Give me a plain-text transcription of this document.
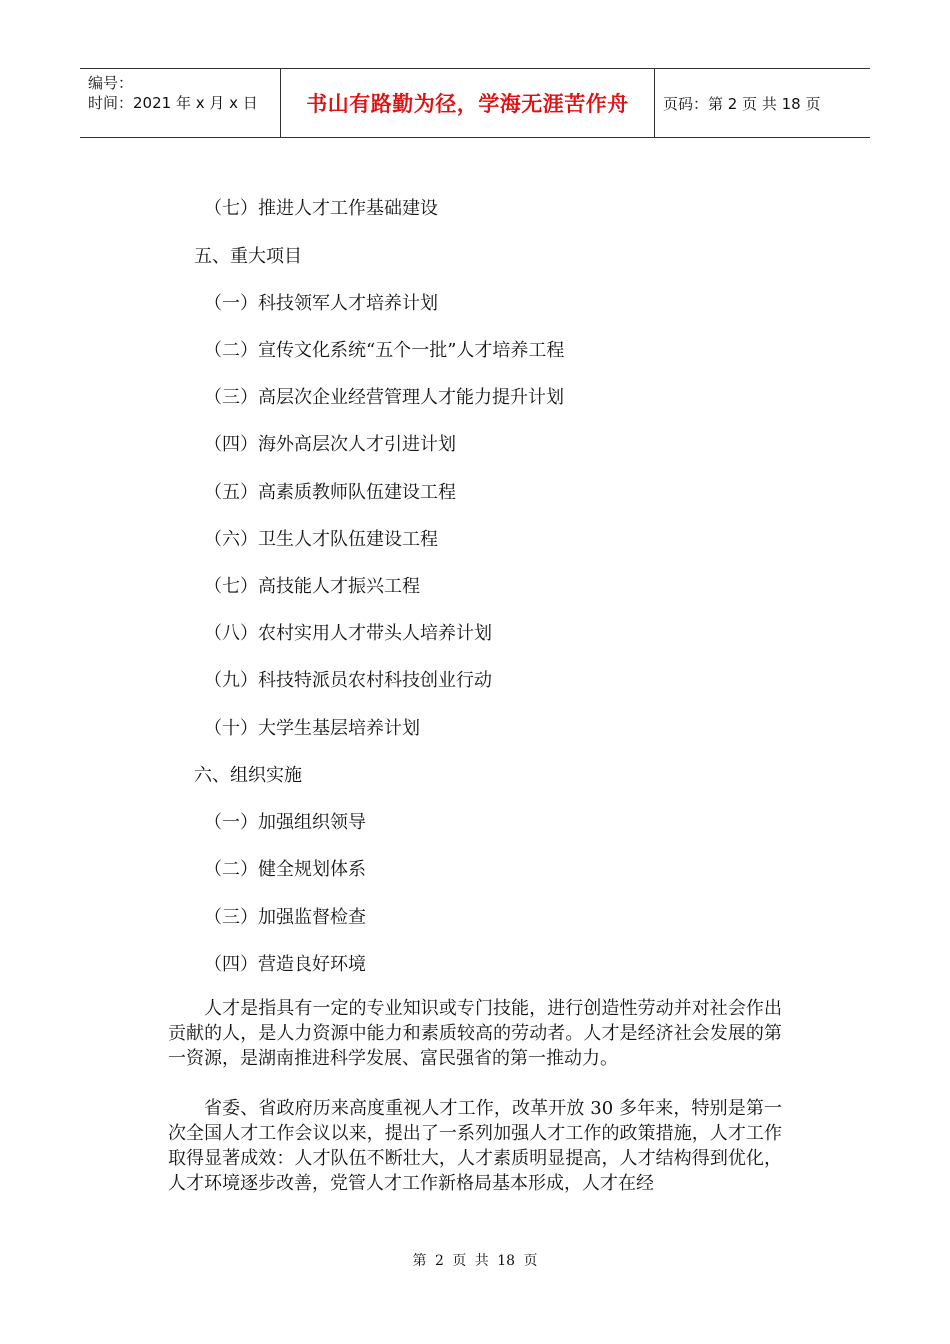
编号：
时间：2021 年 x 月 x 日	书山有路勤为径，学海无涯苦作舟	页码：第 2 页 共 18 页
（七）推进人才工作基础建设
五、重大项目
（一）科技领军人才培养计划
（二）宣传文化系统“五个一批”人才培养工程
（三）高层次企业经营管理人才能力提升计划
（四）海外高层次人才引进计划
（五）高素质教师队伍建设工程
（六）卫生人才队伍建设工程
（七）高技能人才振兴工程
（八）农村实用人才带头人培养计划
（九）科技特派员农村科技创业行动
（十）大学生基层培养计划
六、组织实施
（一）加强组织领导
（二）健全规划体系
（三）加强监督检查
（四）营造良好环境
人才是指具有一定的专业知识或专门技能，进行创造性劳动并对社会作出贡献的人，是人力资源中能力和素质较高的劳动者。人才是经济社会发展的第一资源，是湖南推进科学发展、富民强省的第一推动力。
省委、省政府历来高度重视人才工作，改革开放 30 多年来，特别是第一次全国人才工作会议以来，提出了一系列加强人才工作的政策措施，人才工作取得显著成效：人才队伍不断壮大，人才素质明显提高，人才结构得到优化，人才环境逐步改善，党管人才工作新格局基本形成，人才在经
第 2 页 共 18 页
